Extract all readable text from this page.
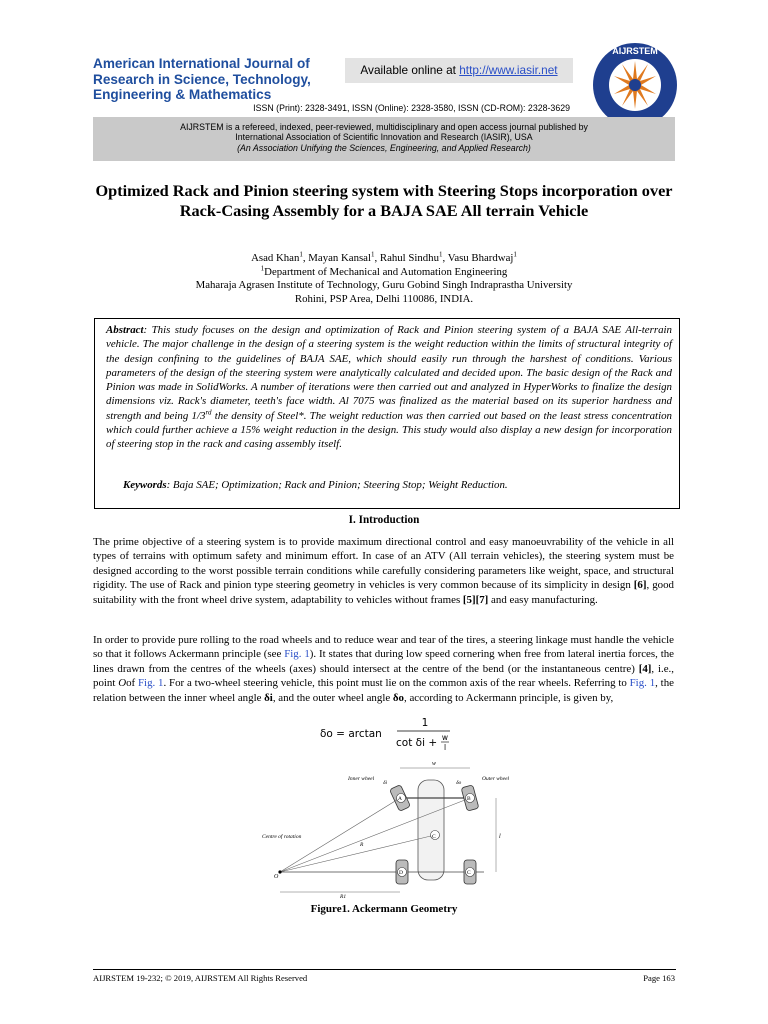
American International Journal of Research in Science, Technology, Engineering & Mathematics
Available online at http://www.iasir.net
ISSN (Print): 2328-3491, ISSN (Online): 2328-3580, ISSN (CD-ROM): 2328-3629
AIJRSTEM
AIJRSTEM is a refereed, indexed, peer-reviewed, multidisciplinary and open access journal published by
International Association of Scientific Innovation and Research (IASIR), USA
(An Association Unifying the Sciences, Engineering, and Applied Research)
Optimized Rack and Pinion steering system with Steering Stops incorporation over Rack-Casing Assembly for a BAJA SAE All terrain Vehicle
Asad Khan$^1$, Mayan Kansal$^1$, Rahul Sindhu$^1$, Vasu Bhardwaj$^1$
$^1$Department of Mechanical and Automation Engineering
Maharaja Agrasen Institute of Technology, Guru Gobind Singh Indraprastha University
Rohini, PSP Area, Delhi 110086, INDIA.
Abstract: This study focuses on the design and optimization of Rack and Pinion steering system of a BAJA SAE All-terrain vehicle. The major challenge in the design of a steering system is the weight reduction within the limits of structural integrity of the design confining to the guidelines of BAJA SAE, which should easily run through the harshest of conditions. Various parameters of the design of the steering system were analytically calculated and decided upon. The basic design of the Rack and Pinion was made in SolidWorks. A number of iterations were then carried out and analyzed in HyperWorks to finalize the design dimensions viz. Rack's diameter, teeth's face width. Al 7075 was finalized as the material based on its superior hardness and strength and being 1/3rd the density of Steel*. The weight reduction was then carried out based on the least stress concentration which could further achieve a 15% weight reduction in the design. This study would also display a new design for incorporation of steering stop in the rack and casing assembly itself.
Keywords: Baja SAE; Optimization; Rack and Pinion; Steering Stop; Weight Reduction.
I. Introduction
The prime objective of a steering system is to provide maximum directional control and easy manoeuvrability of the vehicle in all types of terrains with optimum safety and minimum effort. In case of an ATV (All terrain vehicles), the steering system must be designed according to the worst possible terrain conditions while carefully considering parameters like weight, space, and structural rigidity. The use of Rack and pinion type steering geometry in vehicles is very common because of its simplicity in design [6], good suitability with the front wheel drive system, adaptability to vehicles without frames [5][7] and easy manufacturing.
In order to provide pure rolling to the road wheels and to reduce wear and tear of the tires, a steering linkage must handle the vehicle so that it follows Ackermann principle (see Fig. 1). It states that during low speed cornering when free from lateral inertia forces, the lines drawn from the centres of the wheels (axes) should intersect at the centre of the bend (or the instantaneous centre) [4], i.e., point Oof Fig. 1. For a two-wheel steering vehicle, this point must lie on the common axis of the rear wheels. Referring to Fig. 1, the relation between the inner wheel angle δi, and the outer wheel angle δo, according to Ackermann principle, is given by,
δo = arctan
1
cot δi + w
l
Inner wheel	Outer wheel
Centre of rotation
w
l
O
C
A	B
D	C
δi	δo
R
R1
Figure1. Ackermann Geometry
AIJRSTEM 19-232; © 2019, AIJRSTEM All Rights Reserved	Page 163
